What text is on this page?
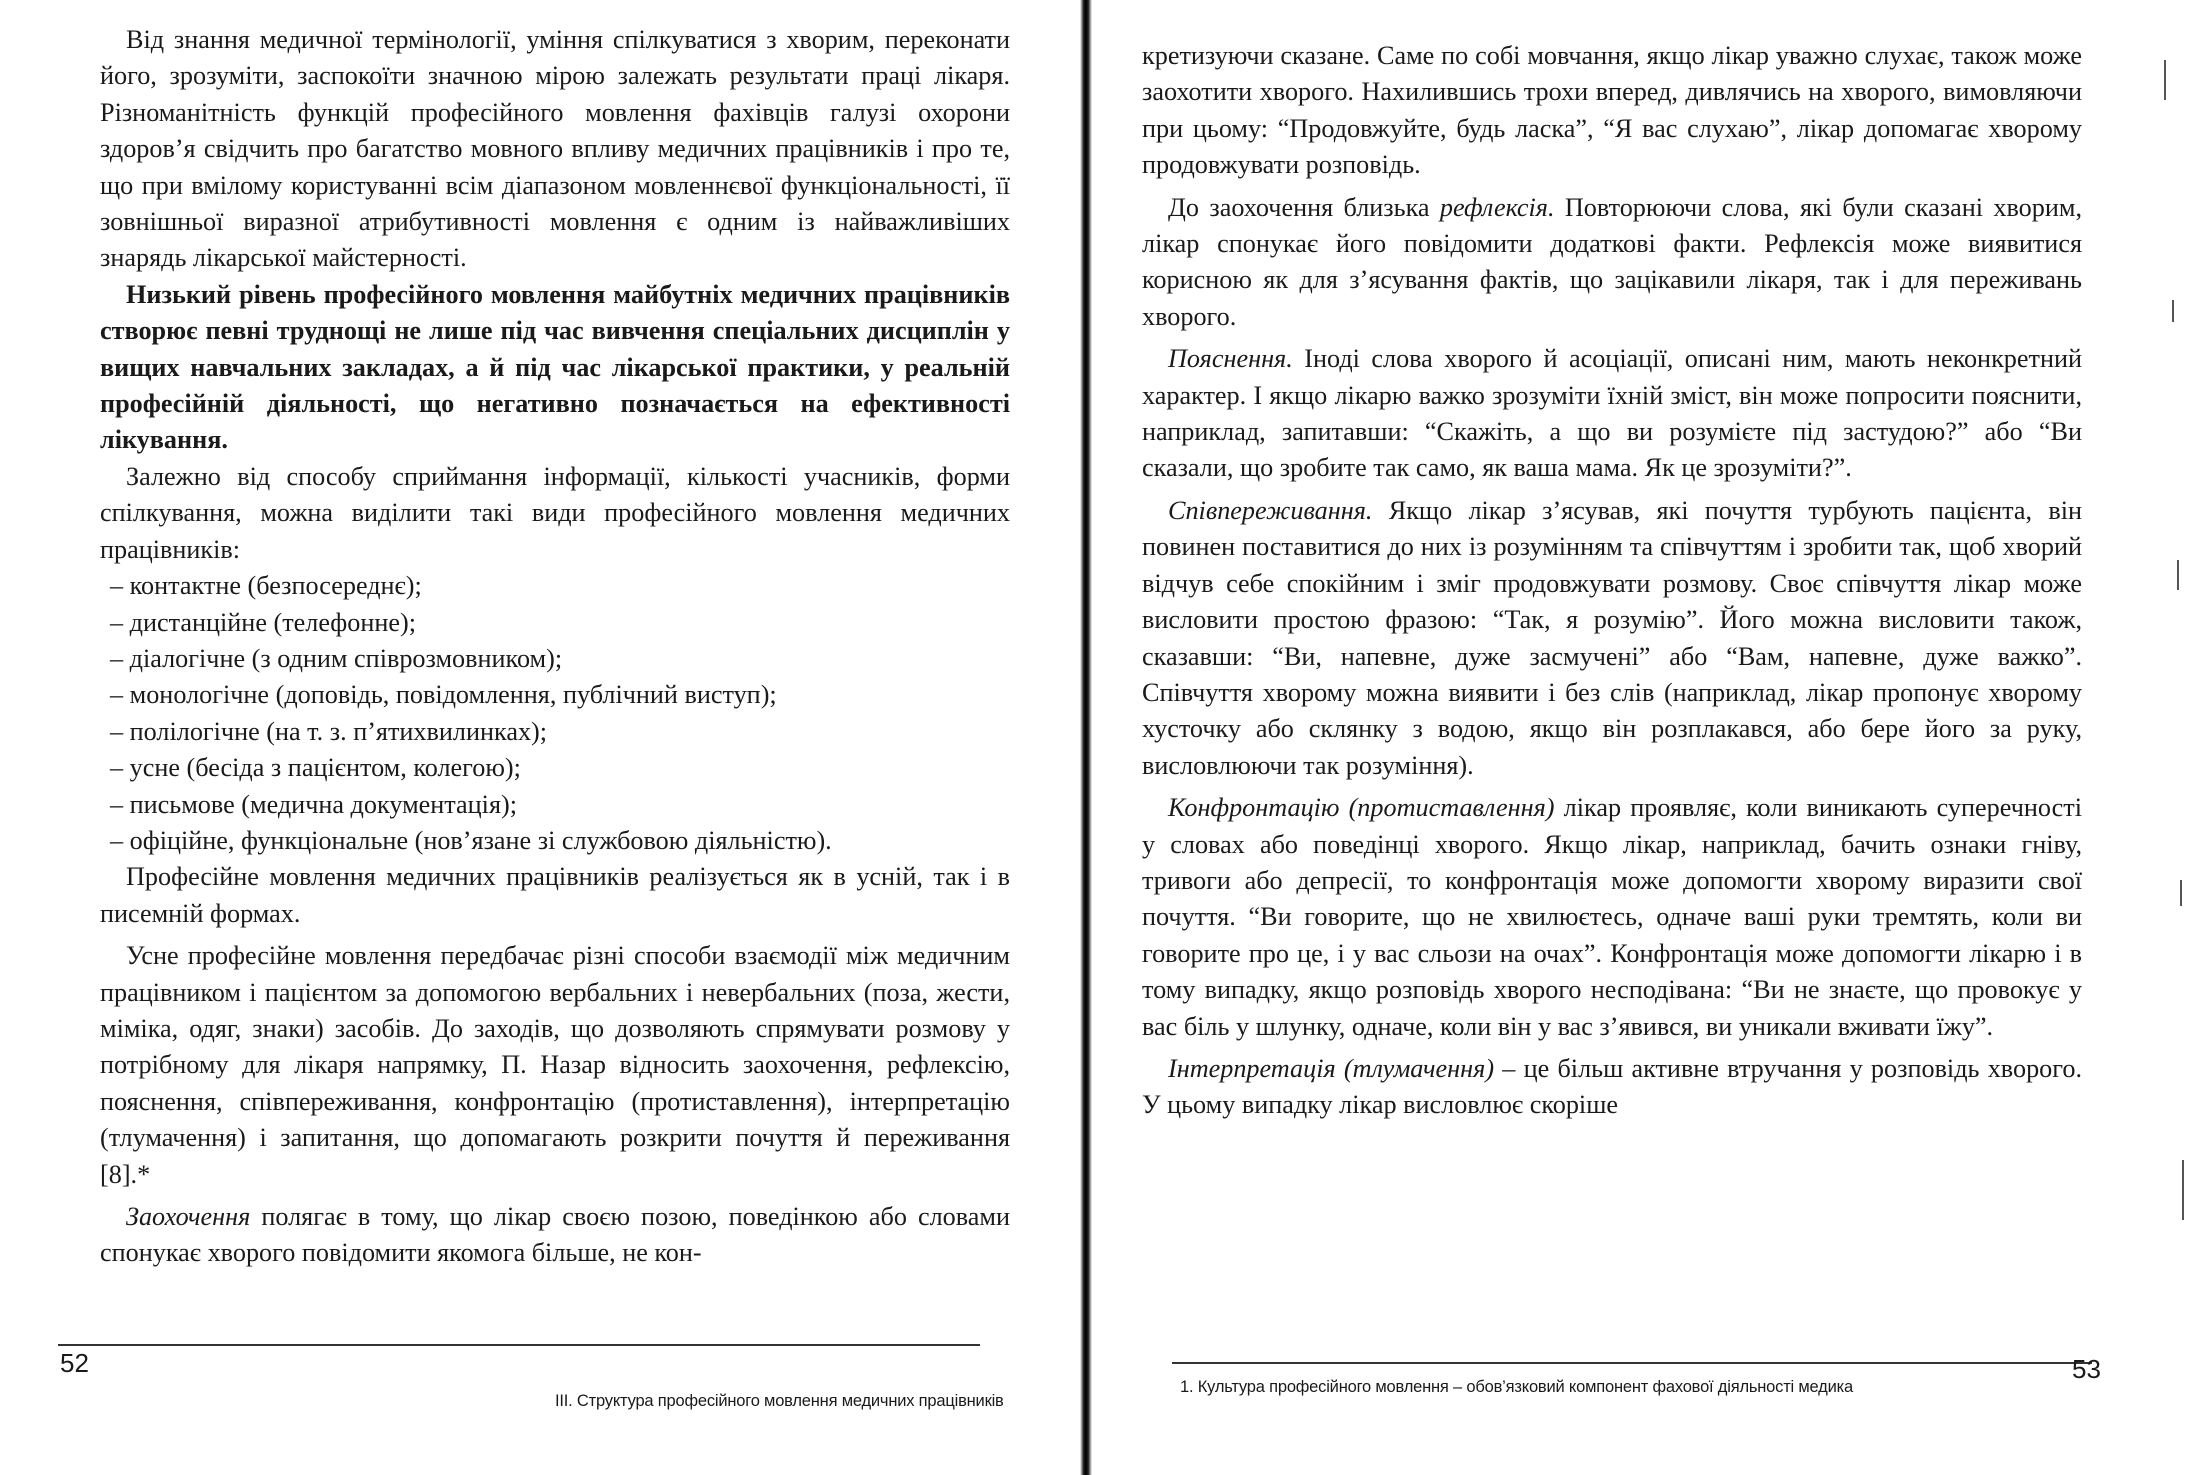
Від знання медичної термінології, уміння спілкуватися з хворим, переконати його, зрозуміти, заспокоїти значною мірою залежать результати праці лікаря. Різноманітність функцій професійного мовлення фахівців галузі охорони здоров’я свідчить про багатство мовного впливу медичних працівників і про те, що при вмілому користуванні всім діапазоном мовленнєвої функціональності, її зовнішньої виразної атрибутивності мовлення є одним із найважливіших знарядь лікарської майстерності.

Низький рівень професійного мовлення майбутніх медичних працівників створює певні труднощі не лише під час вивчення спеціальних дисциплін у вищих навчальних закладах, а й під час лікарської практики, у реальній професійній діяльності, що негативно позначається на ефективності лікування.

Залежно від способу сприймання інформації, кількості учасників, форми спілкування, можна виділити такі види професійного мовлення медичних працівників:

– контактне (безпосереднє);

– дистанційне (телефонне);

– діалогічне (з одним співрозмовником);

– монологічне (доповідь, повідомлення, публічний виступ);

– полілогічне (на т. з. п’ятихвилинках);

– усне (бесіда з пацієнтом, колегою);

– письмове (медична документація);

– офіційне, функціональне (нов’язане зі службовою діяльністю).

Професійне мовлення медичних працівників реалізується як в усній, так і в писемній формах.

Усне професійне мовлення передбачає різні способи взаємодії між медичним працівником і пацієнтом за допомогою вербальних і невербальних (поза, жести, міміка, одяг, знаки) засобів. До заходів, що дозволяють спрямувати розмову у потрібному для лікаря напрямку, П. Назар відносить заохочення, рефлексію, пояснення, співпереживання, конфронтацію (протиставлення), інтерпретацію (тлумачення) і запитання, що допомагають розкрити почуття й переживання [8].*

Заохочення полягає в тому, що лікар своєю позою, поведінкою або словами спонукає хворого повідомити якомога більше, не кон-

52
ІІІ. Структура професійного мовлення медичних працівників

кретизуючи сказане. Саме по собі мовчання, якщо лікар уважно слухає, також може заохотити хворого. Нахилившись трохи вперед, дивлячись на хворого, вимовляючи при цьому: “Продовжуйте, будь ласка”, “Я вас слухаю”, лікар допомагає хворому продовжувати розповідь.

До заохочення близька рефлексія. Повторюючи слова, які були сказані хворим, лікар спонукає його повідомити додаткові факти. Рефлексія може виявитися корисною як для з’ясування фактів, що зацікавили лікаря, так і для переживань хворого.

Пояснення. Іноді слова хворого й асоціації, описані ним, мають неконкретний характер. І якщо лікарю важко зрозуміти їхній зміст, він може попросити пояснити, наприклад, запитавши: “Скажіть, а що ви розумієте під застудою?” або “Ви сказали, що зробите так само, як ваша мама. Як це зрозуміти?”.

Співпереживання. Якщо лікар з’ясував, які почуття турбують пацієнта, він повинен поставитися до них із розумінням та співчуттям і зробити так, щоб хворий відчув себе спокійним і зміг продовжувати розмову. Своє співчуття лікар може висловити простою фразою: “Так, я розумію”. Його можна висловити також, сказавши: “Ви, напевне, дуже засмучені” або “Вам, напевне, дуже важко”. Співчуття хворому можна виявити і без слів (наприклад, лікар пропонує хворому хусточку або склянку з водою, якщо він розплакався, або бере його за руку, висловлюючи так розуміння).

Конфронтацію (протиставлення) лікар проявляє, коли виникають суперечності у словах або поведінці хворого. Якщо лікар, наприклад, бачить ознаки гніву, тривоги або депресії, то конфронтація може допомогти хворому виразити свої почуття. “Ви говорите, що не хвилюєтесь, одначе ваші руки тремтять, коли ви говорите про це, і у вас сльози на очах”. Конфронтація може допомогти лікарю і в тому випадку, якщо розповідь хворого несподівана: “Ви не знаєте, що провокує у вас біль у шлунку, одначе, коли він у вас з’явився, ви уникали вживати їжу”.

Інтерпретація (тлумачення) – це більш активне втручання у розповідь хворого. У цьому випадку лікар висловлює скоріше

1. Культура професійного мовлення – обов’язковий компонент фахової діяльності медика
53
